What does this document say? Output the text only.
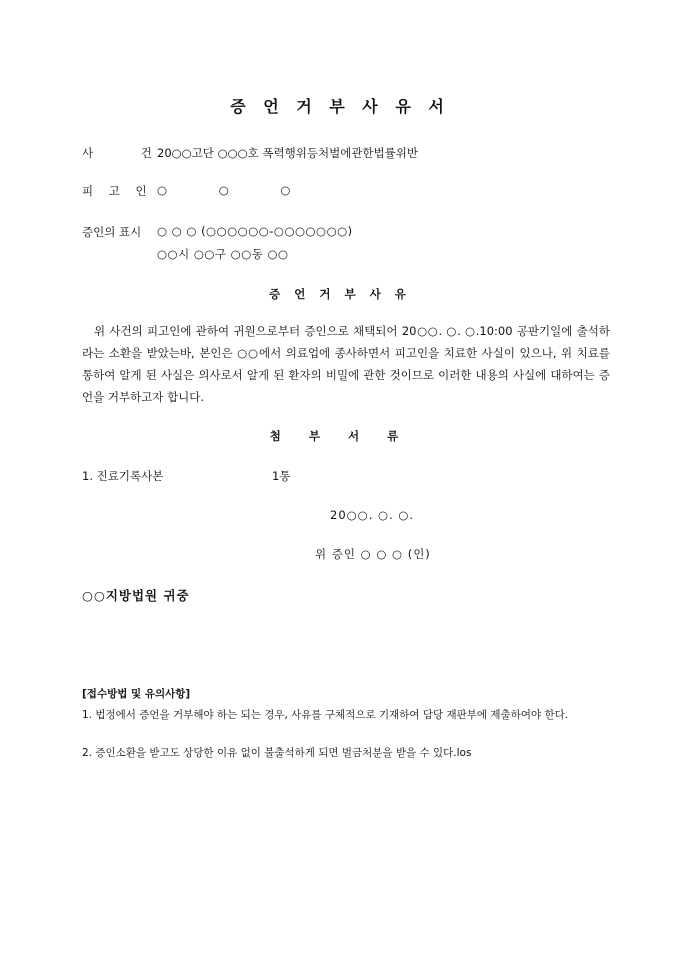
증 언 거 부 사 유 서
사 건
20○○고단 ○○○호 폭력행위등처벌에관한법률위반
피 고 인 ○ ○ ○
증인의 표시 ○ ○ ○ (○○○○○○-○○○○○○○)
○○시 ○○구 ○○동 ○○
증 언 거 부 사 유
위 사건의 피고인에 관하여 귀원으로부터 증인으로 채택되어 20○○. ○. ○.10:00 공판기일에 출석하라는 소환을 받았는바, 본인은 ○○에서 의료업에 종사하면서 피고인을 치료한 사실이 있으나, 위 치료를 통하여 알게 된 사실은 의사로서 알게 된 환자의 비밀에 관한 것이므로 이러한 내용의 사실에 대하여는 증언을 거부하고자 합니다.
첨 부 서 류
1. 진료기록사본	1통
20○○. ○. ○.
위 증인 ○ ○ ○ (인)
○○지방법원 귀중
[접수방법 및 유의사항]
1. 법정에서 증언을 거부해야 하는 되는 경우, 사유를 구체적으로 기재하여 담당 재판부에 제출하여야 한다.
2. 증인소환을 받고도 상당한 이유 없이 불출석하게 되면 벌금처분을 받을 수 있다.los
